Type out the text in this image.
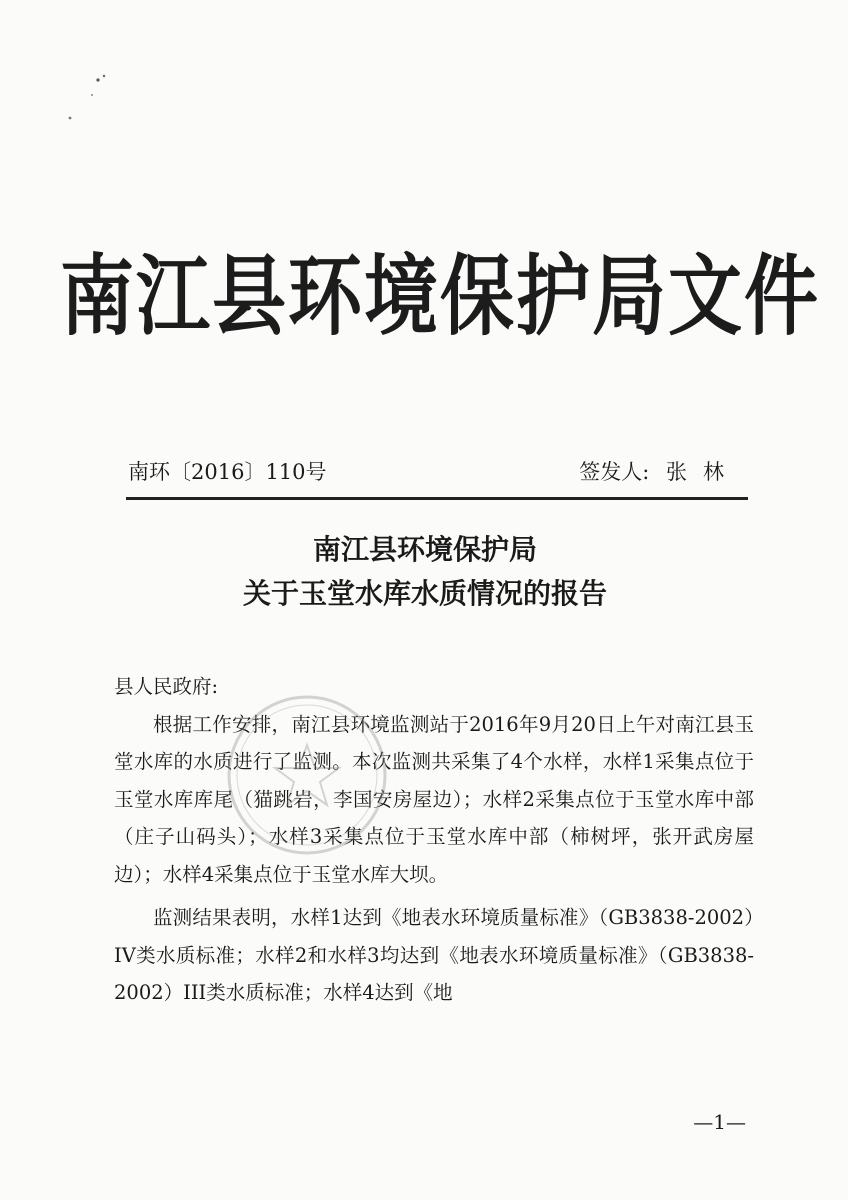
南江县环境保护局文件
南环〔2016〕110号	签发人: 张林
南江县环境保护局
关于玉堂水库水质情况的报告

县人民政府:

根据工作安排，南江县环境监测站于2016年9月20日上午对南江县玉堂水库的水质进行了监测。本次监测共采集了4个水样，水样1采集点位于玉堂水库库尾（猫跳岩，李国安房屋边）；水样2采集点位于玉堂水库中部（庄子山码头）；水样3采集点位于玉堂水库中部（柿树坪，张开武房屋边）；水样4采集点位于玉堂水库大坝。

监测结果表明，水样1达到《地表水环境质量标准》（GB3838-2002）IV类水质标准；水样2和水样3均达到《地表水环境质量标准》（GB3838-2002）III类水质标准；水样4达到《地

—1—
